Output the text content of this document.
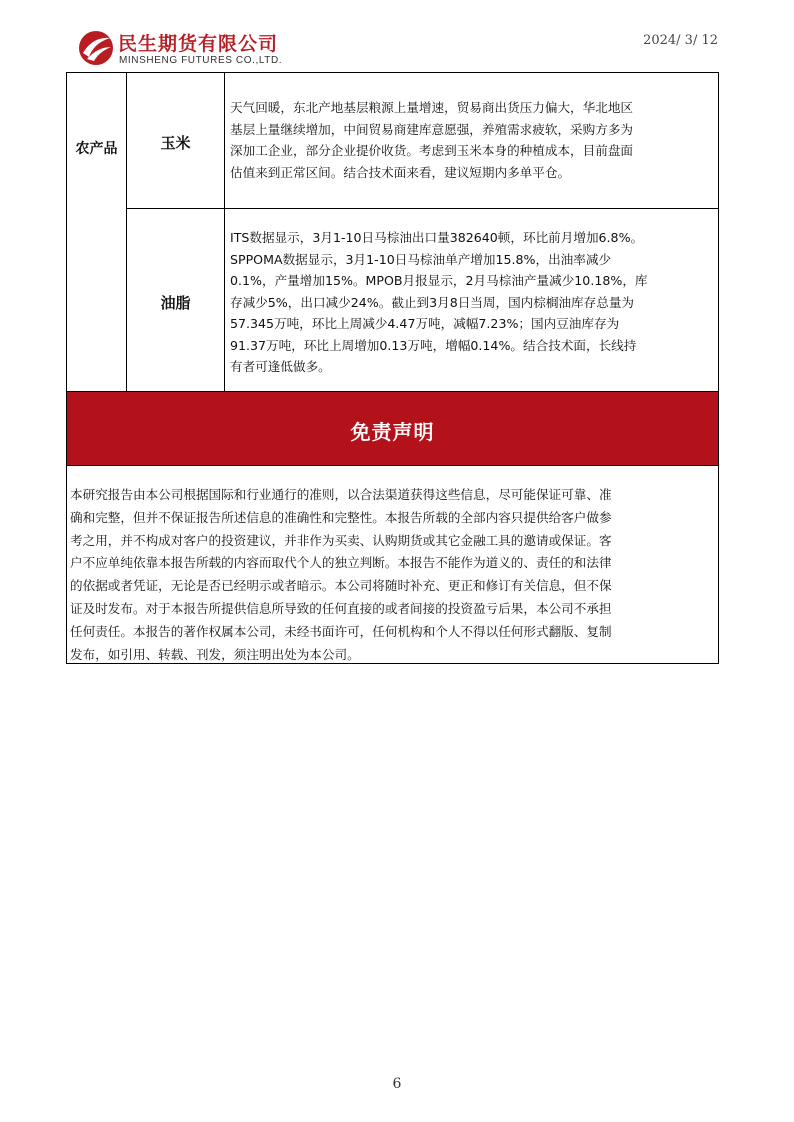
民生期货有限公司
MINSHENG FUTURES CO.,LTD.
2024/ 3/ 12
农产品	玉米
天气回暖，东北产地基层粮源上量增速，贸易商出货压力偏大，华北地区
基层上量继续增加，中间贸易商建库意愿强，养殖需求疲软，采购方多为
深加工企业，部分企业提价收货。考虑到玉米本身的种植成本，目前盘面
估值来到正常区间。结合技术面来看，建议短期内多单平仓。
油脂
ITS数据显示，3月1-10日马棕油出口量382640顿，环比前月增加6.8%。
SPPOMA数据显示，3月1-10日马棕油单产增加15.8%，出油率减少
0.1%，产量增加15%。MPOB月报显示，2月马棕油产量减少10.18%，库
存减少5%，出口减少24%。截止到3月8日当周，国内棕榈油库存总量为
57.345万吨，环比上周减少4.47万吨，减幅7.23%；国内豆油库存为
91.37万吨，环比上周增加0.13万吨，增幅0.14%。结合技术面，长线持
有者可逢低做多。
免责声明
本研究报告由本公司根据国际和行业通行的准则，以合法渠道获得这些信息，尽可能保证可靠、准
确和完整，但并不保证报告所述信息的准确性和完整性。本报告所载的全部内容只提供给客户做参
考之用，并不构成对客户的投资建议，并非作为买卖、认购期货或其它金融工具的邀请或保证。客
户不应单纯依靠本报告所载的内容而取代个人的独立判断。本报告不能作为道义的、责任的和法律
的依据或者凭证，无论是否已经明示或者暗示。本公司将随时补充、更正和修订有关信息，但不保
证及时发布。对于本报告所提供信息所导致的任何直接的或者间接的投资盈亏后果，本公司不承担
任何责任。本报告的著作权属本公司，未经书面许可，任何机构和个人不得以任何形式翻版、复制
发布，如引用、转载、刊发，须注明出处为本公司。
6
